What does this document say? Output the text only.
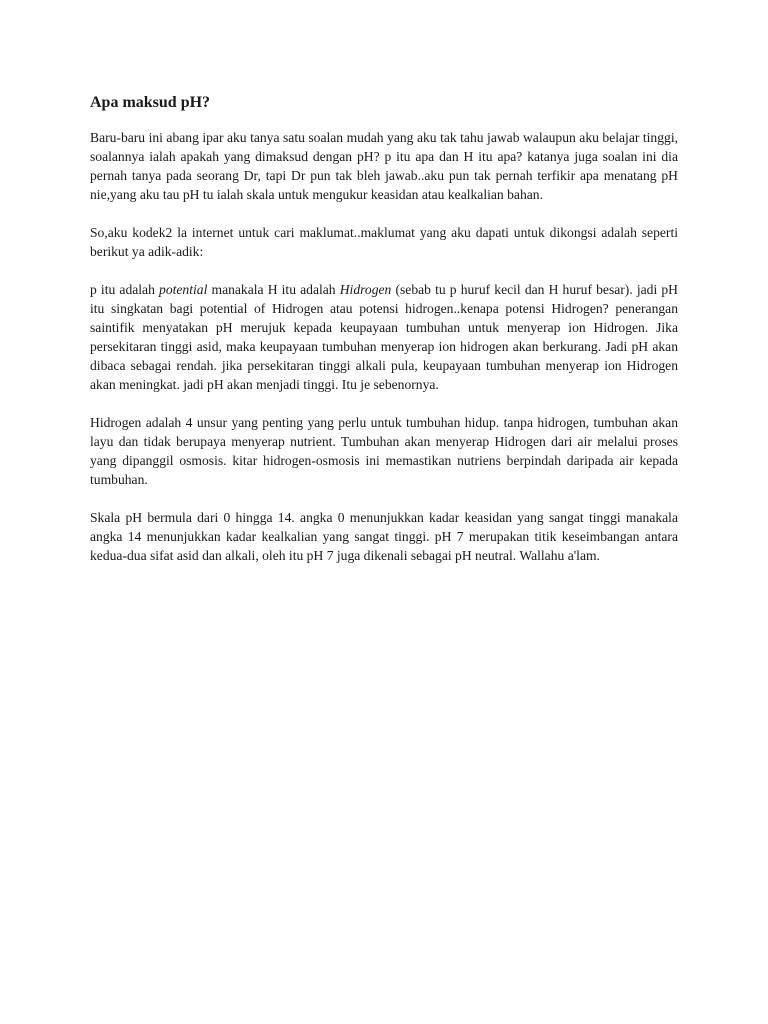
Apa maksud pH?

Baru-baru ini abang ipar aku tanya satu soalan mudah yang aku tak tahu jawab walaupun aku belajar tinggi, soalannya ialah apakah yang dimaksud dengan pH? p itu apa dan H itu apa? katanya juga soalan ini dia pernah tanya pada seorang Dr, tapi Dr pun tak bleh jawab..aku pun tak pernah terfikir apa menatang pH nie,yang aku tau pH tu ialah skala untuk mengukur keasidan atau kealkalian bahan.

So,aku kodek2 la internet untuk cari maklumat..maklumat yang aku dapati untuk dikongsi adalah seperti berikut ya adik-adik:

p itu adalah potential manakala H itu adalah Hidrogen (sebab tu p huruf kecil dan H huruf besar). jadi pH itu singkatan bagi potential of Hidrogen atau potensi hidrogen..kenapa potensi Hidrogen? penerangan saintifik menyatakan pH merujuk kepada keupayaan tumbuhan untuk menyerap ion Hidrogen. Jika persekitaran tinggi asid, maka keupayaan tumbuhan menyerap ion hidrogen akan berkurang. Jadi pH akan dibaca sebagai rendah. jika persekitaran tinggi alkali pula, keupayaan tumbuhan menyerap ion Hidrogen akan meningkat. jadi pH akan menjadi tinggi. Itu je sebenornya.

Hidrogen adalah 4 unsur yang penting yang perlu untuk tumbuhan hidup. tanpa hidrogen, tumbuhan akan layu dan tidak berupaya menyerap nutrient. Tumbuhan akan menyerap Hidrogen dari air melalui proses yang dipanggil osmosis. kitar hidrogen-osmosis ini memastikan nutriens berpindah daripada air kepada tumbuhan.

Skala pH bermula dari 0 hingga 14. angka 0 menunjukkan kadar keasidan yang sangat tinggi manakala angka 14 menunjukkan kadar kealkalian yang sangat tinggi. pH 7 merupakan titik keseimbangan antara kedua-dua sifat asid dan alkali, oleh itu pH 7 juga dikenali sebagai pH neutral. Wallahu a'lam.
